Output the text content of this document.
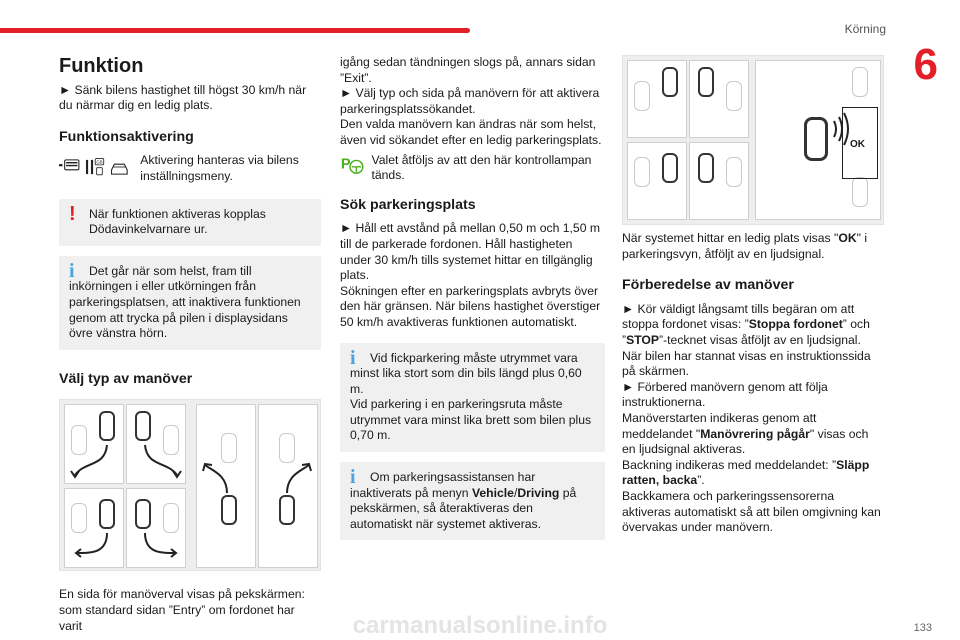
Körning
6
Funktion

► Sänk bilens hastighet till högst 30 km/h när du närmar dig en ledig plats.

Funktionsaktivering
GB	Aktivering hanteras via bilens inställningsmeny.

!	När funktionen aktiveras kopplas Dödavinkelvarnare ur.

i	Det går när som helst, fram till inkörningen i eller utkörningen från parkeringsplatsen, att inaktivera funktionen genom att trycka på pilen i displaysidans övre vänstra hörn.

Välj typ av manöver

En sida för manöverval visas på pekskärmen: som standard sidan ”Entry” om fordonet har varit

igång sedan tändningen slogs på, annars sidan ”Exit”.

► Välj typ och sida på manövern för att aktivera parkeringsplatssökandet.

Den valda manövern kan ändras när som helst, även vid sökandet efter en ledig parkeringsplats.

P Valet åtföljs av att den här kontrollampan tänds.

Sök parkeringsplats

► Håll ett avstånd på mellan 0,50 m och 1,50 m till de parkerade fordonen. Håll hastigheten under 30 km/h tills systemet hittar en tillgänglig plats.

Sökningen efter en parkeringsplats avbryts över den här gränsen. När bilens hastighet överstiger 50 km/h avaktiveras funktionen automatiskt.

i	Vid fickparkering måste utrymmet vara minst lika stort som din bils längd plus 0,60 m.
Vid parkering i en parkeringsruta måste utrymmet vara minst lika brett som bilen plus 0,70 m.

i	Om parkeringsassistansen har inaktiverats på menyn Vehicle/Driving på pekskärmen, så återaktiveras den automatiskt när systemet aktiveras.

OK

När systemet hittar en ledig plats visas "OK" i parkeringsvyn, åtföljt av en ljudsignal.

Förberedelse av manöver

► Kör väldigt långsamt tills begäran om att stoppa fordonet visas: ”Stoppa fordonet” och ”STOP”-tecknet visas åtföljt av en ljudsignal.

När bilen har stannat visas en instruktionssida på skärmen.

► Förbered manövern genom att följa instruktionerna.

Manöverstarten indikeras genom att meddelandet "Manövrering pågår" visas och en ljudsignal aktiveras.

Backning indikeras med meddelandet: ”Släpp ratten, backa”.

Backkamera och parkeringssensorerna aktiveras automatiskt så att bilen omgivning kan övervakas under manövern.

133
carmanualsonline.info
